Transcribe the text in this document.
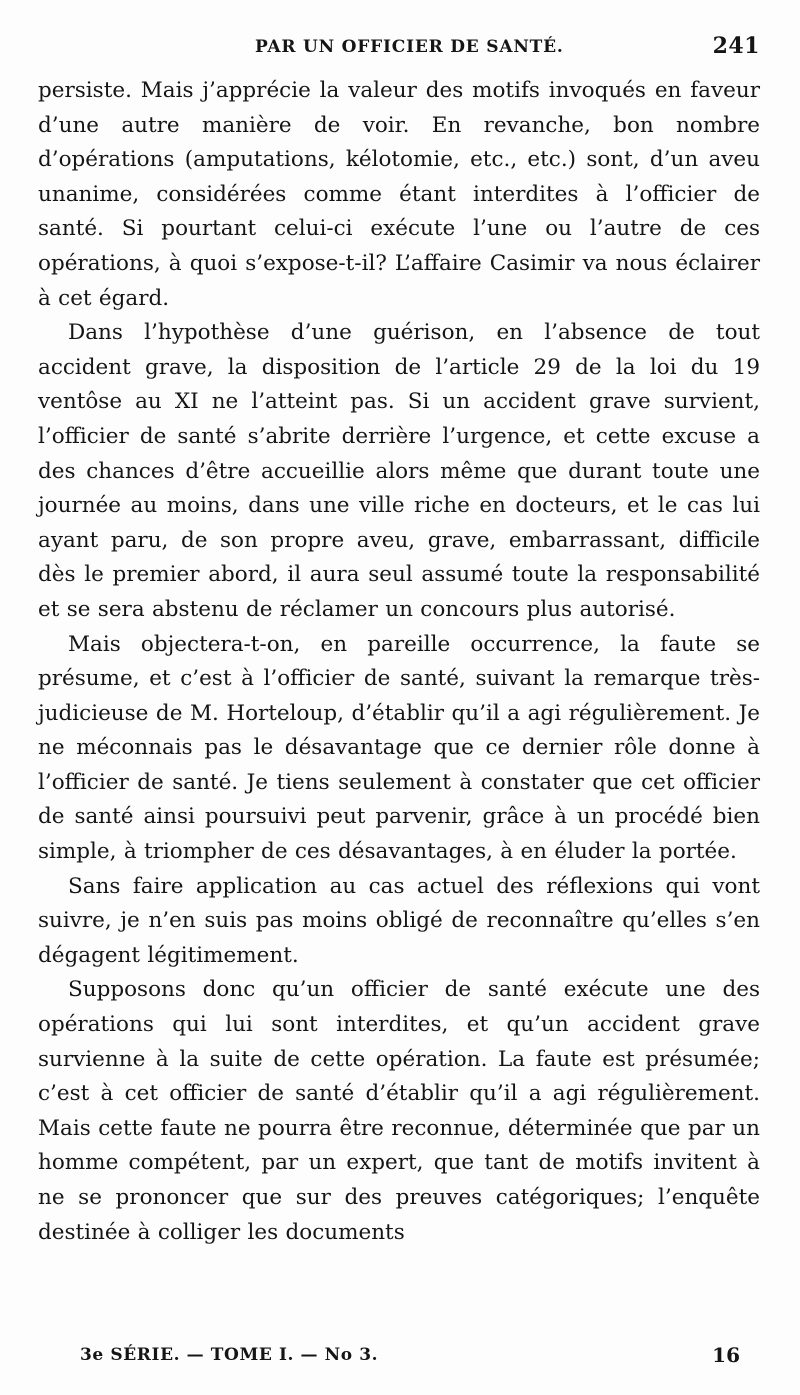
PAR UN OFFICIER DE SANTÉ.	241

persiste. Mais j’apprécie la valeur des motifs invoqués en faveur d’une autre manière de voir. En revanche, bon nombre d’opérations (amputations, kélotomie, etc., etc.) sont, d’un aveu unanime, considérées comme étant interdites à l’officier de santé. Si pourtant celui-ci exécute l’une ou l’autre de ces opérations, à quoi s’expose-t-il? L’affaire Casimir va nous éclairer à cet égard.

Dans l’hypothèse d’une guérison, en l’absence de tout accident grave, la disposition de l’article 29 de la loi du 19 ventôse au XI ne l’atteint pas. Si un accident grave survient, l’officier de santé s’abrite derrière l’urgence, et cette excuse a des chances d’être accueillie alors même que durant toute une journée au moins, dans une ville riche en docteurs, et le cas lui ayant paru, de son propre aveu, grave, embarrassant, difficile dès le premier abord, il aura seul assumé toute la responsabilité et se sera abstenu de réclamer un concours plus autorisé.

Mais objectera-t-on, en pareille occurrence, la faute se présume, et c’est à l’officier de santé, suivant la remarque très-judicieuse de M. Horteloup, d’établir qu’il a agi régulièrement. Je ne méconnais pas le désavantage que ce dernier rôle donne à l’officier de santé. Je tiens seulement à constater que cet officier de santé ainsi poursuivi peut parvenir, grâce à un procédé bien simple, à triompher de ces désavantages, à en éluder la portée.

Sans faire application au cas actuel des réflexions qui vont suivre, je n’en suis pas moins obligé de reconnaître qu’elles s’en dégagent légitimement.

Supposons donc qu’un officier de santé exécute une des opérations qui lui sont interdites, et qu’un accident grave survienne à la suite de cette opération. La faute est présumée; c’est à cet officier de santé d’établir qu’il a agi régulièrement. Mais cette faute ne pourra être reconnue, déterminée que par un homme compétent, par un expert, que tant de motifs invitent à ne se prononcer que sur des preuves catégoriques; l’enquête destinée à colliger les documents

3e SÉRIE. — TOME I. — No 3.	16
